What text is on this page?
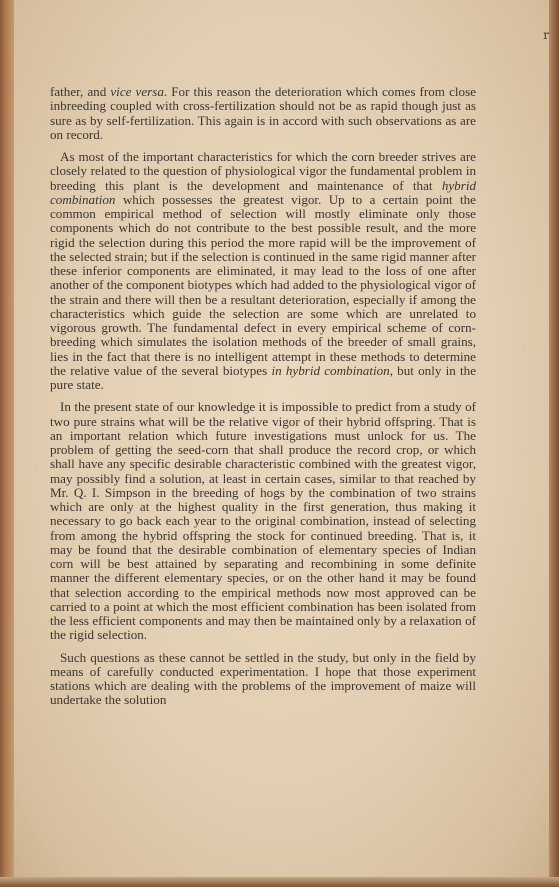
r

father, and vice versa. For this reason the deterioration which comes from close inbreeding coupled with cross-fertilization should not be as rapid though just as sure as by self-fertilization. This again is in accord with such observations as are on record.

As most of the important characteristics for which the corn breeder strives are closely related to the question of physiological vigor the fundamental problem in breeding this plant is the development and maintenance of that hybrid combination which possesses the greatest vigor. Up to a certain point the common empirical method of selection will mostly eliminate only those components which do not contribute to the best possible result, and the more rigid the selection during this period the more rapid will be the improvement of the selected strain; but if the selection is continued in the same rigid manner after these inferior components are eliminated, it may lead to the loss of one after another of the component biotypes which had added to the physiological vigor of the strain and there will then be a resultant deterioration, especially if among the characteristics which guide the selection are some which are unrelated to vigorous growth. The fundamental defect in every empirical scheme of corn-breeding which simulates the isolation methods of the breeder of small grains, lies in the fact that there is no intelligent attempt in these methods to determine the relative value of the several biotypes in hybrid combination, but only in the pure state.

In the present state of our knowledge it is impossible to predict from a study of two pure strains what will be the relative vigor of their hybrid offspring. That is an important relation which future investigations must unlock for us. The problem of getting the seed-corn that shall produce the record crop, or which shall have any specific desirable characteristic combined with the greatest vigor, may possibly find a solution, at least in certain cases, similar to that reached by Mr. Q. I. Simpson in the breeding of hogs by the combination of two strains which are only at the highest quality in the first generation, thus making it necessary to go back each year to the original combination, instead of selecting from among the hybrid offspring the stock for continued breeding. That is, it may be found that the desirable combination of elementary species of Indian corn will be best attained by separating and recombining in some definite manner the different elementary species, or on the other hand it may be found that selection according to the empirical methods now most approved can be carried to a point at which the most efficient combination has been isolated from the less efficient components and may then be maintained only by a relaxation of the rigid selection.

Such questions as these cannot be settled in the study, but only in the field by means of carefully conducted experimentation. I hope that those experiment stations which are dealing with the problems of the improvement of maize will undertake the solution
